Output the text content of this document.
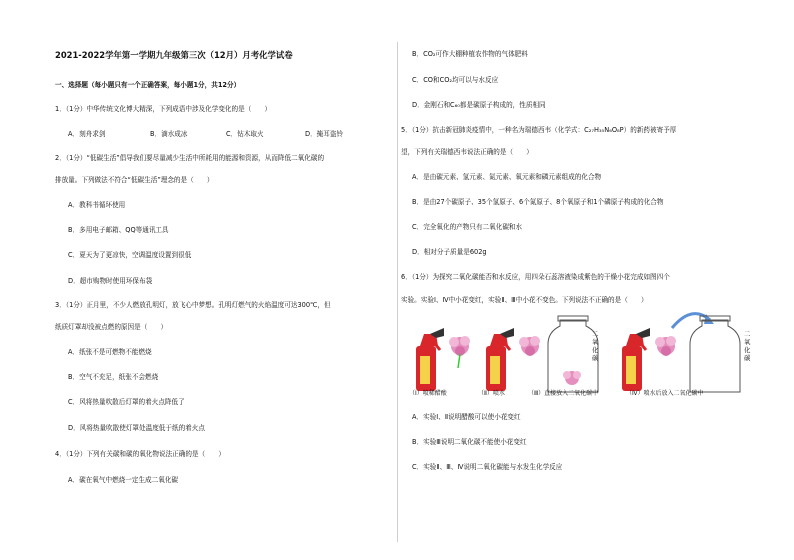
2021-2022学年第一学期九年级第三次（12月）月考化学试卷
一、选择题（每小题只有一个正确答案，每小题1分，共12分）
1．（1分）中华传统文化博大精深，下列成语中涉及化学变化的是（　　）
A．刻舟求剑	B．滴水成冰	C．钻木取火	D．掩耳盗铃
2．（1分）“低碳生活”倡导我们要尽量减少生活中所耗用的能源和资源，从而降低二氧化碳的
排放量。下列做法不符合“低碳生活”理念的是（　　）
A．教科书循环使用
B．多用电子邮箱、QQ等通讯工具
C．夏天为了更凉快，空调温度设置到很低
D．超市购物时使用环保布袋
3．（1分）正月里，不少人燃放孔明灯，放飞心中梦想。孔明灯燃气的火焰温度可达300℃，但
纸质灯罩却没被点燃的原因是（　　）
A．纸张不是可燃物不能燃烧
B．空气不充足，纸张不会燃烧
C．风将热量吹散后灯罩的着火点降低了
D．风将热量吹散使灯罩处温度低于纸的着火点
4．（1分）下列有关碳和碳的氧化物说法正确的是（　　）
A．碳在氧气中燃烧一定生成二氧化碳
B．CO₂可作大棚种植农作物的气体肥料
C．CO和CO₂均可以与水反应
D．金刚石和C₆₀都是碳原子构成的，性质相同
5．（1分）抗击新冠肺炎疫情中，一种名为瑞德西韦（化学式：C₂₇H₃₅N₆O₈P）的新药被寄予厚
望，下列有关瑞德西韦说法正确的是（　　）
A．是由碳元素、氢元素、氮元素、氧元素和磷元素组成的化合物
B．是由27个碳原子、35个氢原子、6个氮原子、8个氧原子和1个磷原子构成的化合物
C．完全氧化的产物只有二氧化碳和水
D．相对分子质量是602g
6．（1分）为探究二氧化碳能否和水反应，用四朵石蕊溶液染成紫色的干燥小花完成如图四个
实验。实验Ⅰ、Ⅳ中小花变红，实验Ⅱ、Ⅲ中小花不变色。下列说法不正确的是（　　）
二氧化碳
二氧化碳
（Ⅰ）喷稀醋酸	（Ⅱ）喷水	（Ⅲ）直接放入二氧化碳中	（Ⅳ）喷水后放入二氧化碳中
A．实验Ⅰ、Ⅱ说明醋酸可以使小花变红
B．实验Ⅲ说明二氧化碳不能使小花变红
C．实验Ⅱ、Ⅲ、Ⅳ说明二氧化碳能与水发生化学反应
